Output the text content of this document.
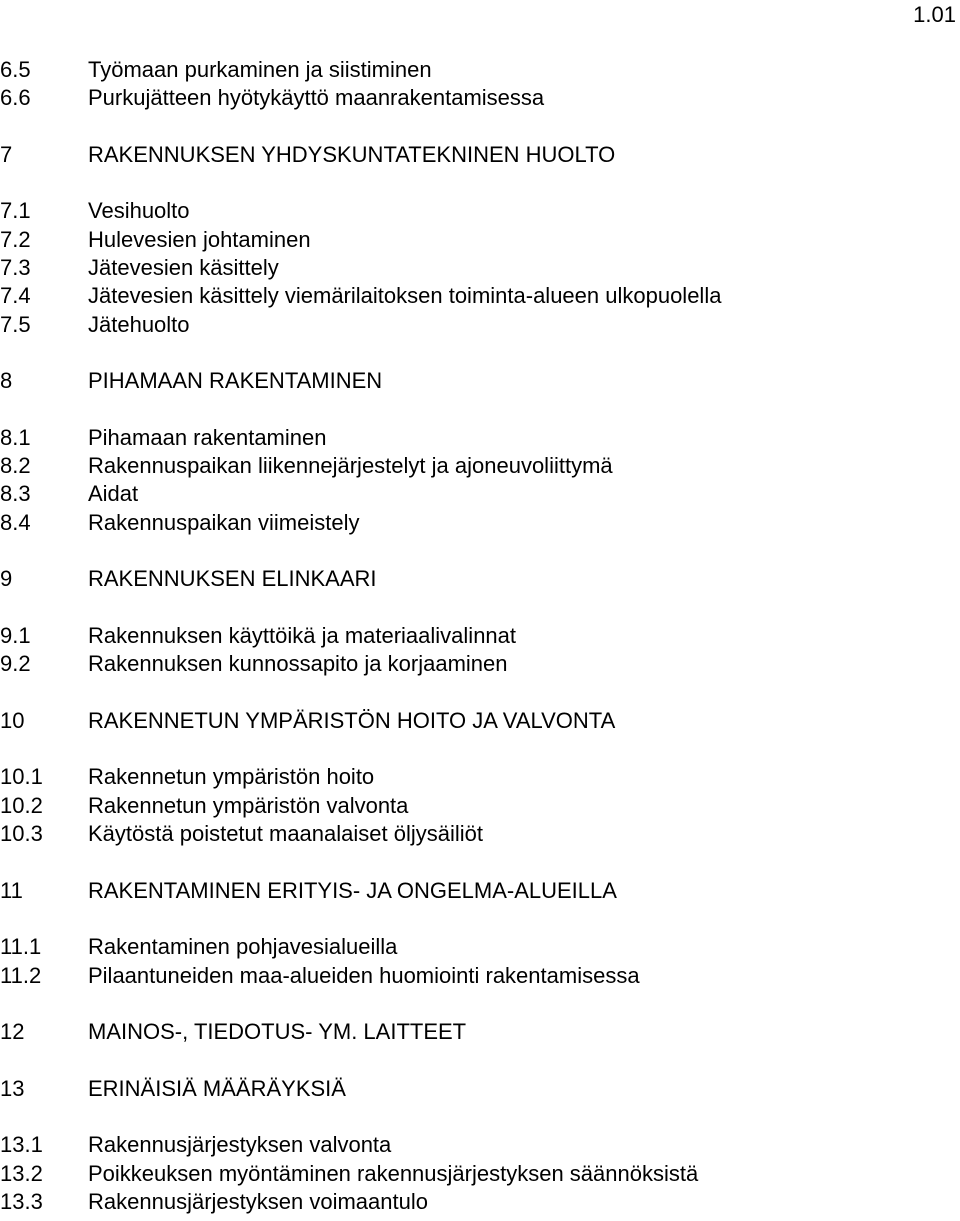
1.01
6.5	Työmaan purkaminen ja siistiminen
6.6	Purkujätteen hyötykäyttö maanrakentamisessa
7	RAKENNUKSEN YHDYSKUNTATEKNINEN HUOLTO
7.1	Vesihuolto
7.2	Hulevesien johtaminen
7.3	Jätevesien käsittely
7.4	Jätevesien käsittely viemärilaitoksen toiminta-alueen ulkopuolella
7.5	Jätehuolto
8	PIHAMAAN RAKENTAMINEN
8.1	Pihamaan rakentaminen
8.2	Rakennuspaikan liikennejärjestelyt ja ajoneuvoliittymä
8.3	Aidat
8.4	Rakennuspaikan viimeistely
9	RAKENNUKSEN ELINKAARI
9.1	Rakennuksen käyttöikä ja materiaalivalinnat
9.2	Rakennuksen kunnossapito ja korjaaminen
10	RAKENNETUN YMPÄRISTÖN HOITO JA VALVONTA
10.1 Rakennetun ympäristön hoito
10.2 Rakennetun ympäristön valvonta
10.3 Käytöstä poistetut maanalaiset öljysäiliöt
11	RAKENTAMINEN ERITYIS- JA ONGELMA-ALUEILLA
11.1 Rakentaminen pohjavesialueilla
11.2 Pilaantuneiden maa-alueiden huomiointi rakentamisessa
12	MAINOS-, TIEDOTUS- YM. LAITTEET
13	ERINÄISIÄ MÄÄRÄYKSIÄ
13.1 Rakennusjärjestyksen valvonta
13.2 Poikkeuksen myöntäminen rakennusjärjestyksen säännöksistä
13.3 Rakennusjärjestyksen voimaantulo
